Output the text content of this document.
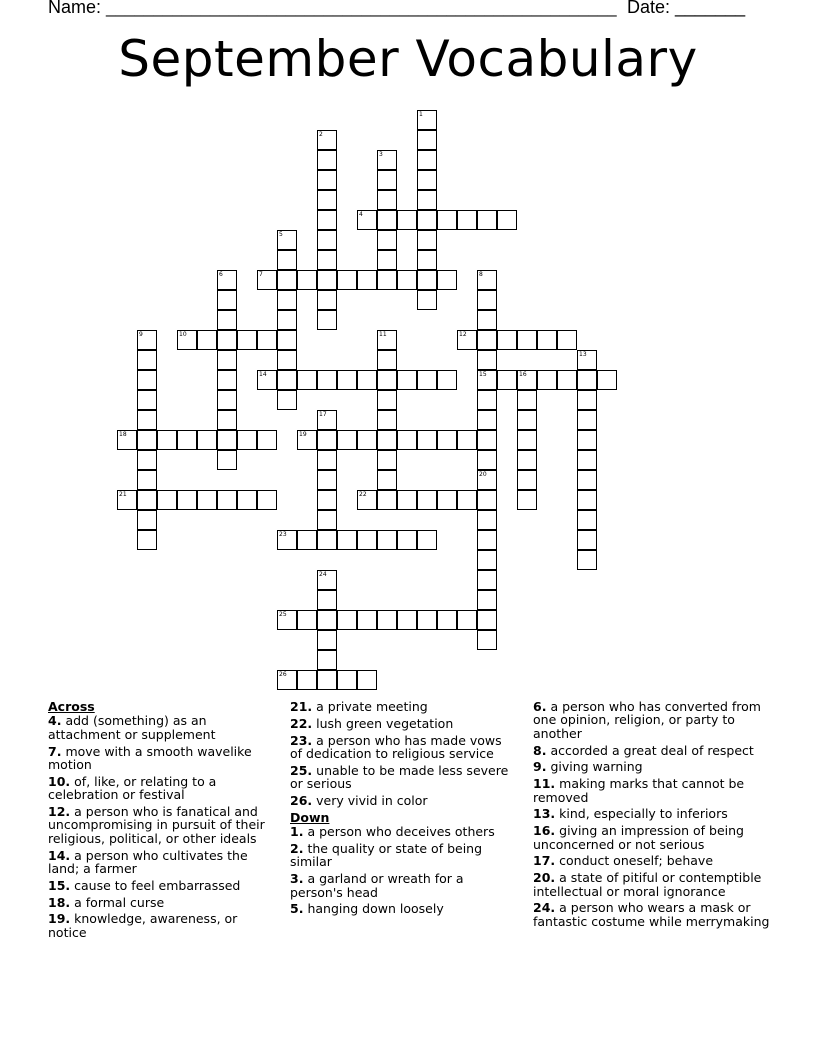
Name: ______________________________________________________ Date: _______
September Vocabulary
1
2
3
4
5
6	7	8
15
9	10	11	12
13
14	16
17
18	19
20
21	22
23
24
25
26
Across
4. add (something) as an attachment or supplement
7. move with a smooth wavelike motion
10. of, like, or relating to a celebration or festival
12. a person who is fanatical and uncompromising in pursuit of their religious, political, or other ideals
14. a person who cultivates the land; a farmer
15. cause to feel embarrassed
18. a formal curse
19. knowledge, awareness, or notice
21. a private meeting
22. lush green vegetation
23. a person who has made vows of dedication to religious service
25. unable to be made less severe or serious
26. very vivid in color
Down
1. a person who deceives others
2. the quality or state of being similar
3. a garland or wreath for a person's head
5. hanging down loosely
6. a person who has converted from one opinion, religion, or party to another
8. accorded a great deal of respect
9. giving warning
11. making marks that cannot be removed
13. kind, especially to inferiors
16. giving an impression of being unconcerned or not serious
17. conduct oneself; behave
20. a state of pitiful or contemptible intellectual or moral ignorance
24. a person who wears a mask or fantastic costume while merrymaking
